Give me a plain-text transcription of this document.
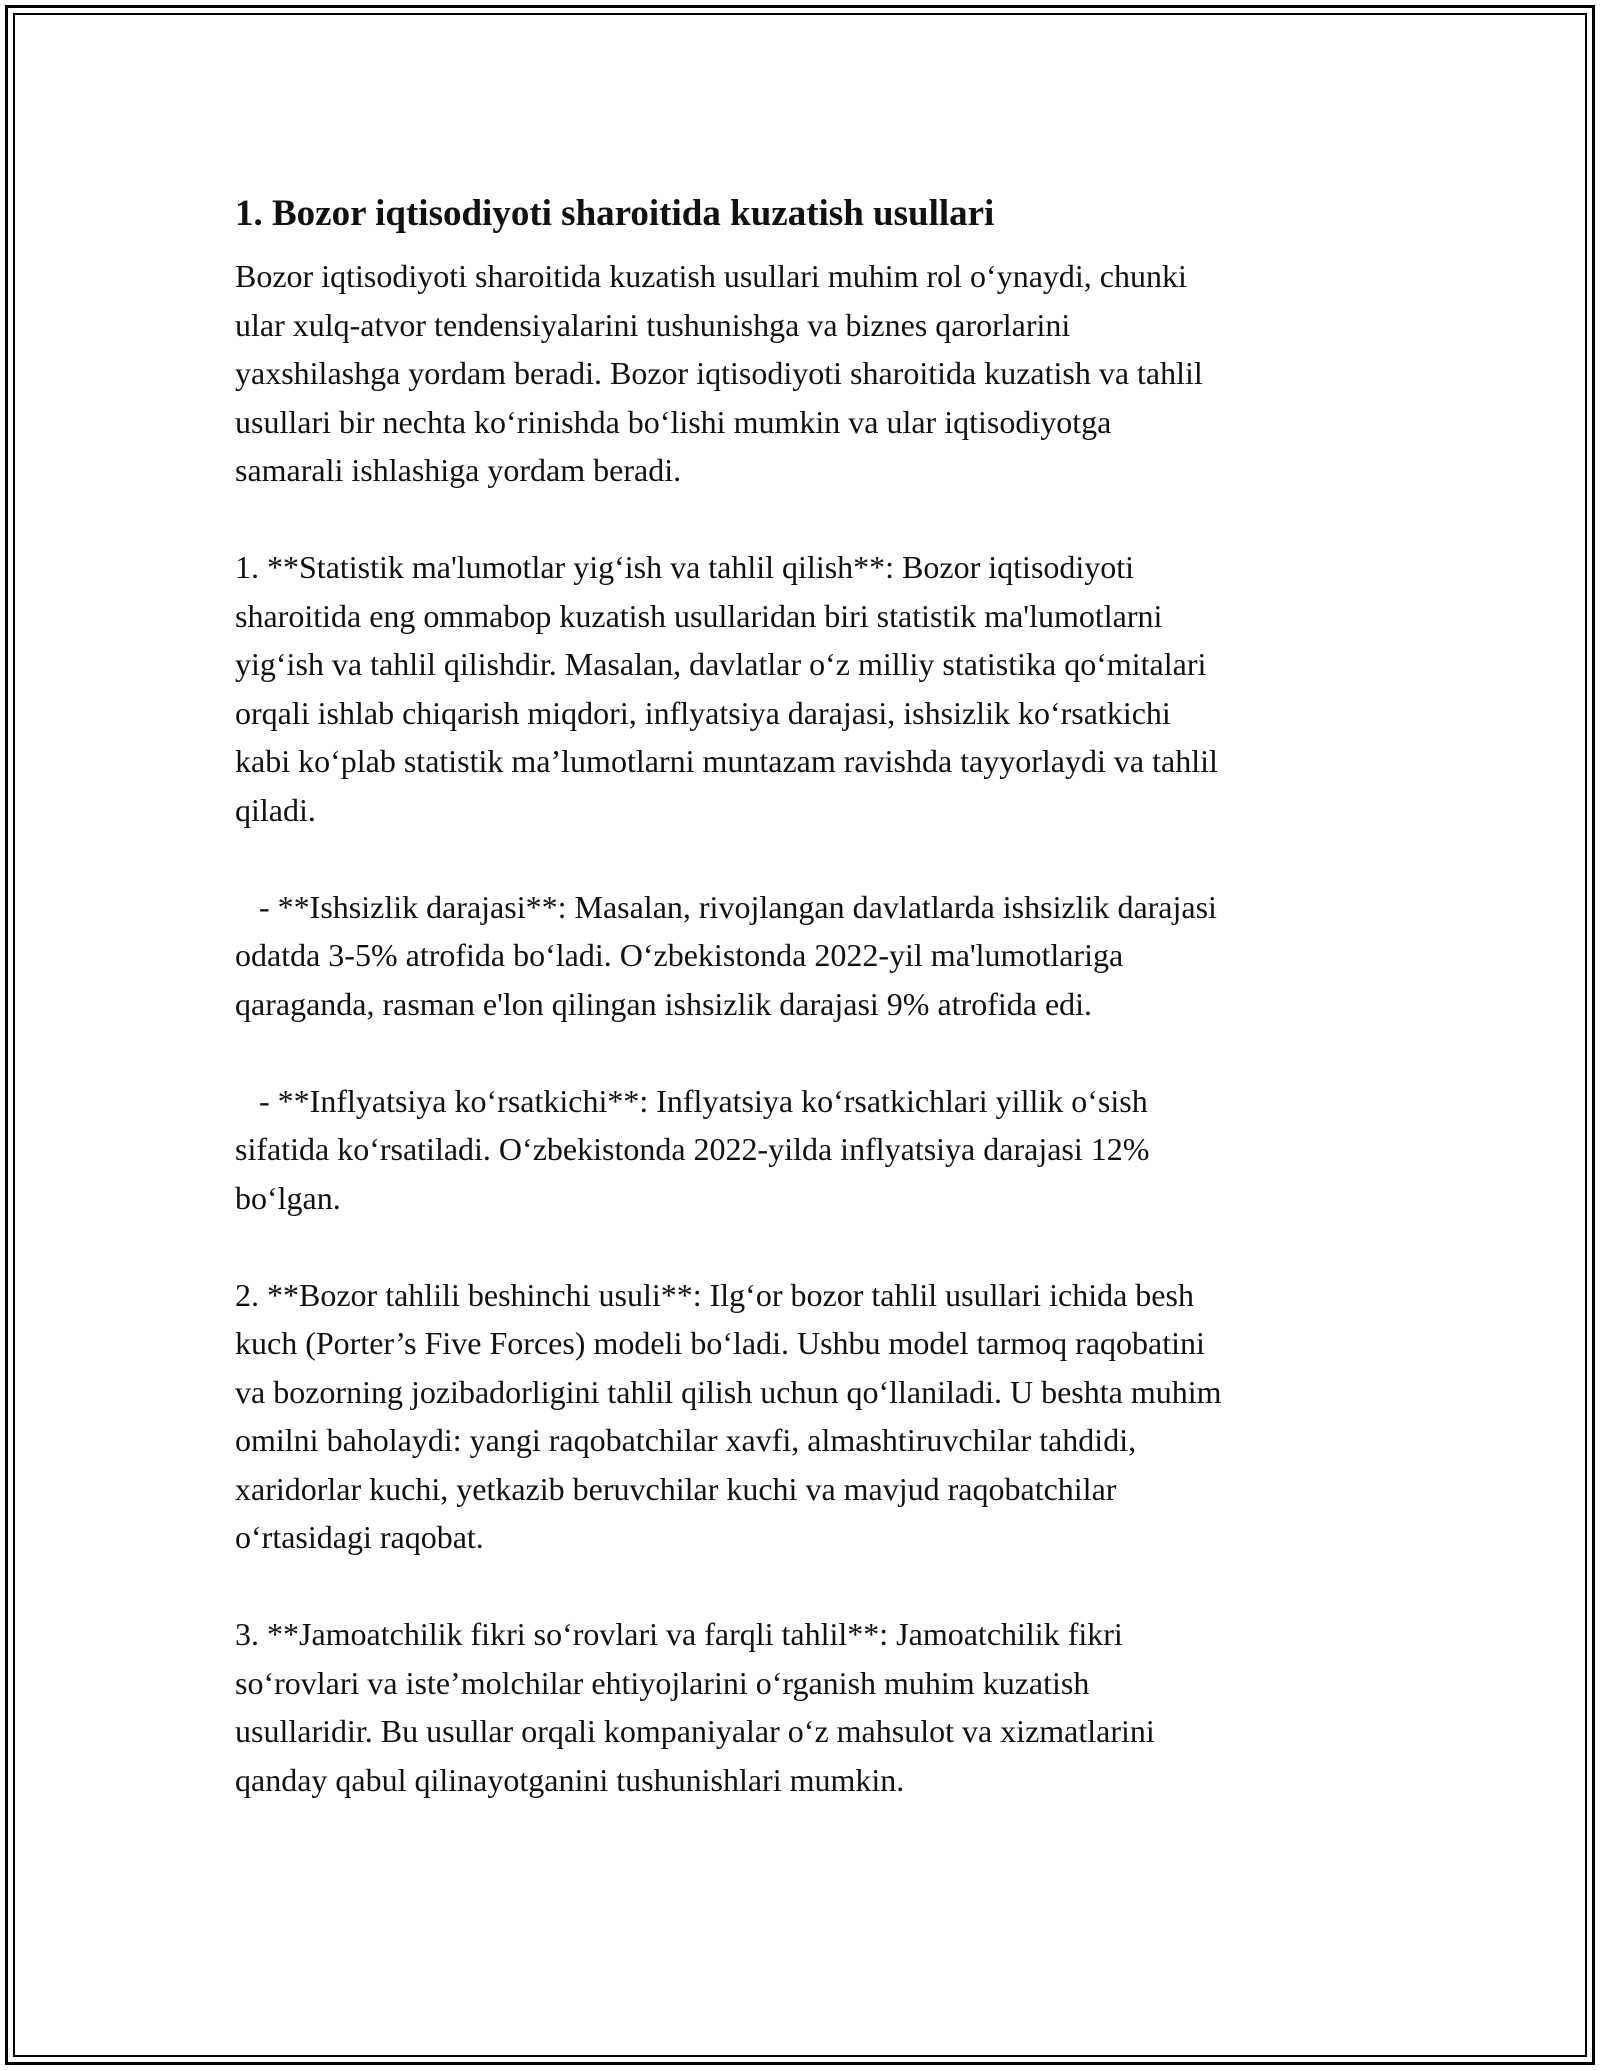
1. Bozor iqtisodiyoti sharoitida kuzatish usullari

Bozor iqtisodiyoti sharoitida kuzatish usullari muhim rol oʻynaydi, chunki
ular xulq-atvor tendensiyalarini tushunishga va biznes qarorlarini
yaxshilashga yordam beradi. Bozor iqtisodiyoti sharoitida kuzatish va tahlil
usullari bir nechta koʻrinishda boʻlishi mumkin va ular iqtisodiyotga
samarali ishlashiga yordam beradi.

1. **Statistik ma'lumotlar yigʻish va tahlil qilish**: Bozor iqtisodiyoti
sharoitida eng ommabop kuzatish usullaridan biri statistik ma'lumotlarni
yigʻish va tahlil qilishdir. Masalan, davlatlar oʻz milliy statistika qoʻmitalari
orqali ishlab chiqarish miqdori, inflyatsiya darajasi, ishsizlik koʻrsatkichi
kabi koʻplab statistik ma’lumotlarni muntazam ravishda tayyorlaydi va tahlil
qiladi.

- **Ishsizlik darajasi**: Masalan, rivojlangan davlatlarda ishsizlik darajasi
odatda 3-5% atrofida boʻladi. Oʻzbekistonda 2022-yil ma'lumotlariga
qaraganda, rasman e'lon qilingan ishsizlik darajasi 9% atrofida edi.

- **Inflyatsiya koʻrsatkichi**: Inflyatsiya koʻrsatkichlari yillik oʻsish
sifatida koʻrsatiladi. Oʻzbekistonda 2022-yilda inflyatsiya darajasi 12%
boʻlgan.

2. **Bozor tahlili beshinchi usuli**: Ilgʻor bozor tahlil usullari ichida besh
kuch (Porter’s Five Forces) modeli boʻladi. Ushbu model tarmoq raqobatini
va bozorning jozibadorligini tahlil qilish uchun qoʻllaniladi. U beshta muhim
omilni baholaydi: yangi raqobatchilar xavfi, almashtiruvchilar tahdidi,
xaridorlar kuchi, yetkazib beruvchilar kuchi va mavjud raqobatchilar
oʻrtasidagi raqobat.

3. **Jamoatchilik fikri soʻrovlari va farqli tahlil**: Jamoatchilik fikri
soʻrovlari va iste’molchilar ehtiyojlarini oʻrganish muhim kuzatish
usullaridir. Bu usullar orqali kompaniyalar oʻz mahsulot va xizmatlarini
qanday qabul qilinayotganini tushunishlari mumkin.
